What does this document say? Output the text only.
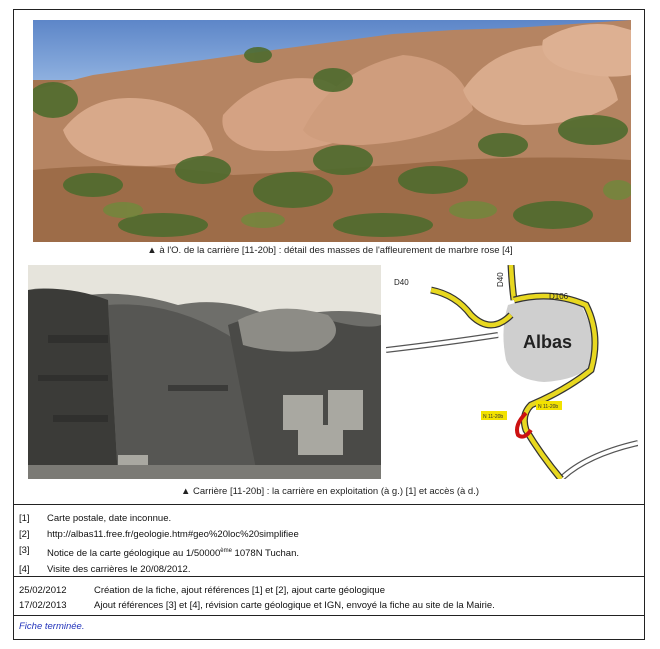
▲ à l'O. de la carrière [11-20b] : détail des masses de l'affleurement de marbre rose [4]
Albas
D40	D40
D106
N 11-20b
N 11-20b
▲ Carrière [11-20b] : la carrière en exploitation (à g.) [1] et accès (à d.)
[1]	Carte postale, date inconnue.
[2]	http://albas11.free.fr/geologie.htm#geo%20loc%20simplifiee
[3]	Notice de la carte géologique au 1/50000ème 1078N Tuchan.
[4]	Visite des carrières le 20/08/2012.
25/02/2012	Création de la fiche, ajout références [1] et [2], ajout carte géologique
17/02/2013	Ajout références [3] et [4], révision carte géologique et IGN, envoyé la fiche au site de la Mairie.
Fiche terminée.
